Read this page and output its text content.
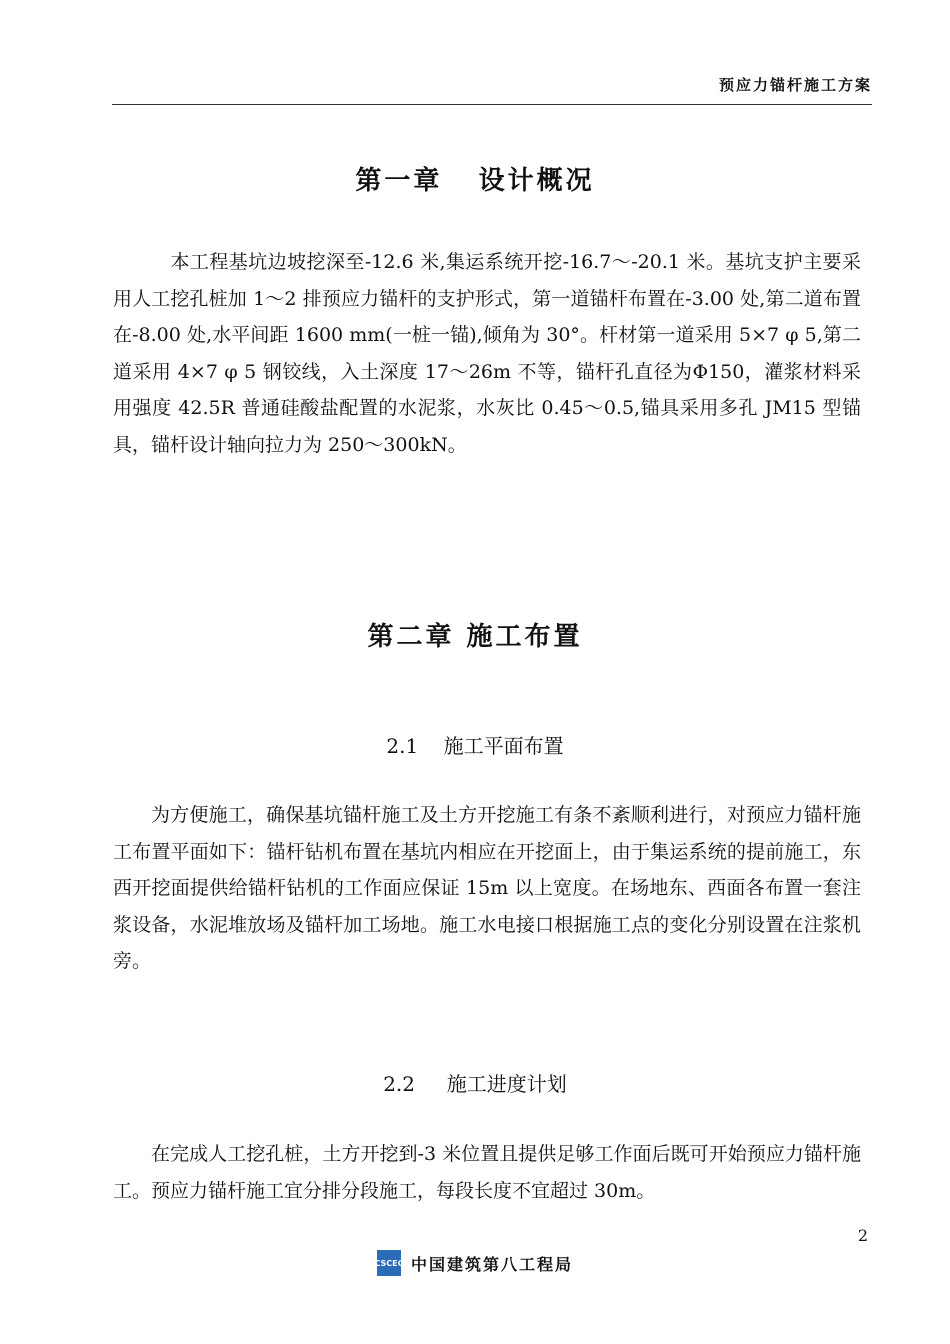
预应力锚杆施工方案
第一章   设计概况

　本工程基坑边坡挖深至-12.6 米,集运系统开挖-16.7～-20.1 米。基坑支护主要采用人工挖孔桩加 1～2 排预应力锚杆的支护形式，第一道锚杆布置在-3.00 处,第二道布置在-8.00 处,水平间距 1600 mm(一桩一锚),倾角为 30°。杆材第一道采用 5×7 φ 5,第二道采用 4×7 φ 5 钢铰线，入土深度 17～26m 不等，锚杆孔直径为Φ150，灌浆材料采用强度 42.5R 普通硅酸盐配置的水泥浆，水灰比 0.45～0.5,锚具采用多孔 JM15 型锚具，锚杆设计轴向拉力为 250～300kN。

第二章 施工布置
2.1    施工平面布置

为方便施工，确保基坑锚杆施工及土方开挖施工有条不紊顺利进行，对预应力锚杆施工布置平面如下：锚杆钻机布置在基坑内相应在开挖面上，由于集运系统的提前施工，东西开挖面提供给锚杆钻机的工作面应保证 15m 以上宽度。在场地东、西面各布置一套注浆设备，水泥堆放场及锚杆加工场地。施工水电接口根据施工点的变化分别设置在注浆机旁。

2.2     施工进度计划

在完成人工挖孔桩，土方开挖到-3 米位置且提供足够工作面后既可开始预应力锚杆施工。预应力锚杆施工宜分排分段施工，每段长度不宜超过 30m。

2
CSCEC 中国建筑第八工程局
